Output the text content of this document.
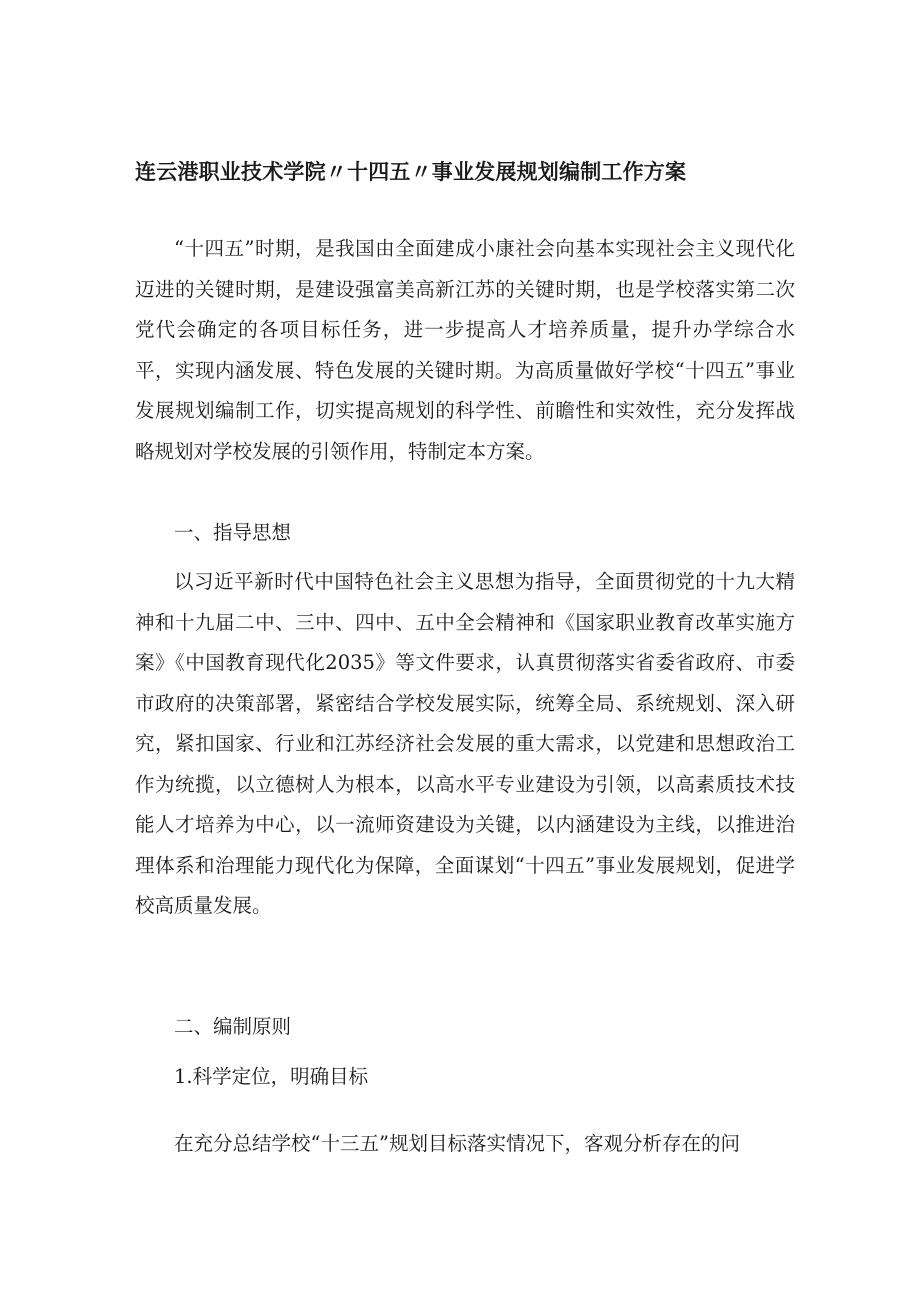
连云港职业技术学院〃十四五〃事业发展规划编制工作方案

“十四五”时期，是我国由全面建成小康社会向基本实现社会主义现代化迈进的关键时期，是建设强富美高新江苏的关键时期，也是学校落实第二次党代会确定的各项目标任务，进一步提高人才培养质量，提升办学综合水平，实现内涵发展、特色发展的关键时期。为高质量做好学校“十四五”事业发展规划编制工作，切实提高规划的科学性、前瞻性和实效性，充分发挥战略规划对学校发展的引领作用，特制定本方案。

一、指导思想

以习近平新时代中国特色社会主义思想为指导，全面贯彻党的十九大精神和十九届二中、三中、四中、五中全会精神和《国家职业教育改革实施方案》《中国教育现代化2035》等文件要求，认真贯彻落实省委省政府、市委市政府的决策部署，紧密结合学校发展实际，统筹全局、系统规划、深入研究，紧扣国家、行业和江苏经济社会发展的重大需求，以党建和思想政治工作为统揽，以立德树人为根本，以高水平专业建设为引领，以高素质技术技能人才培养为中心，以一流师资建设为关键，以内涵建设为主线，以推进治理体系和治理能力现代化为保障，全面谋划“十四五”事业发展规划，促进学校高质量发展。

二、编制原则
1.科学定位，明确目标

在充分总结学校“十三五”规划目标落实情况下，客观分析存在的问
